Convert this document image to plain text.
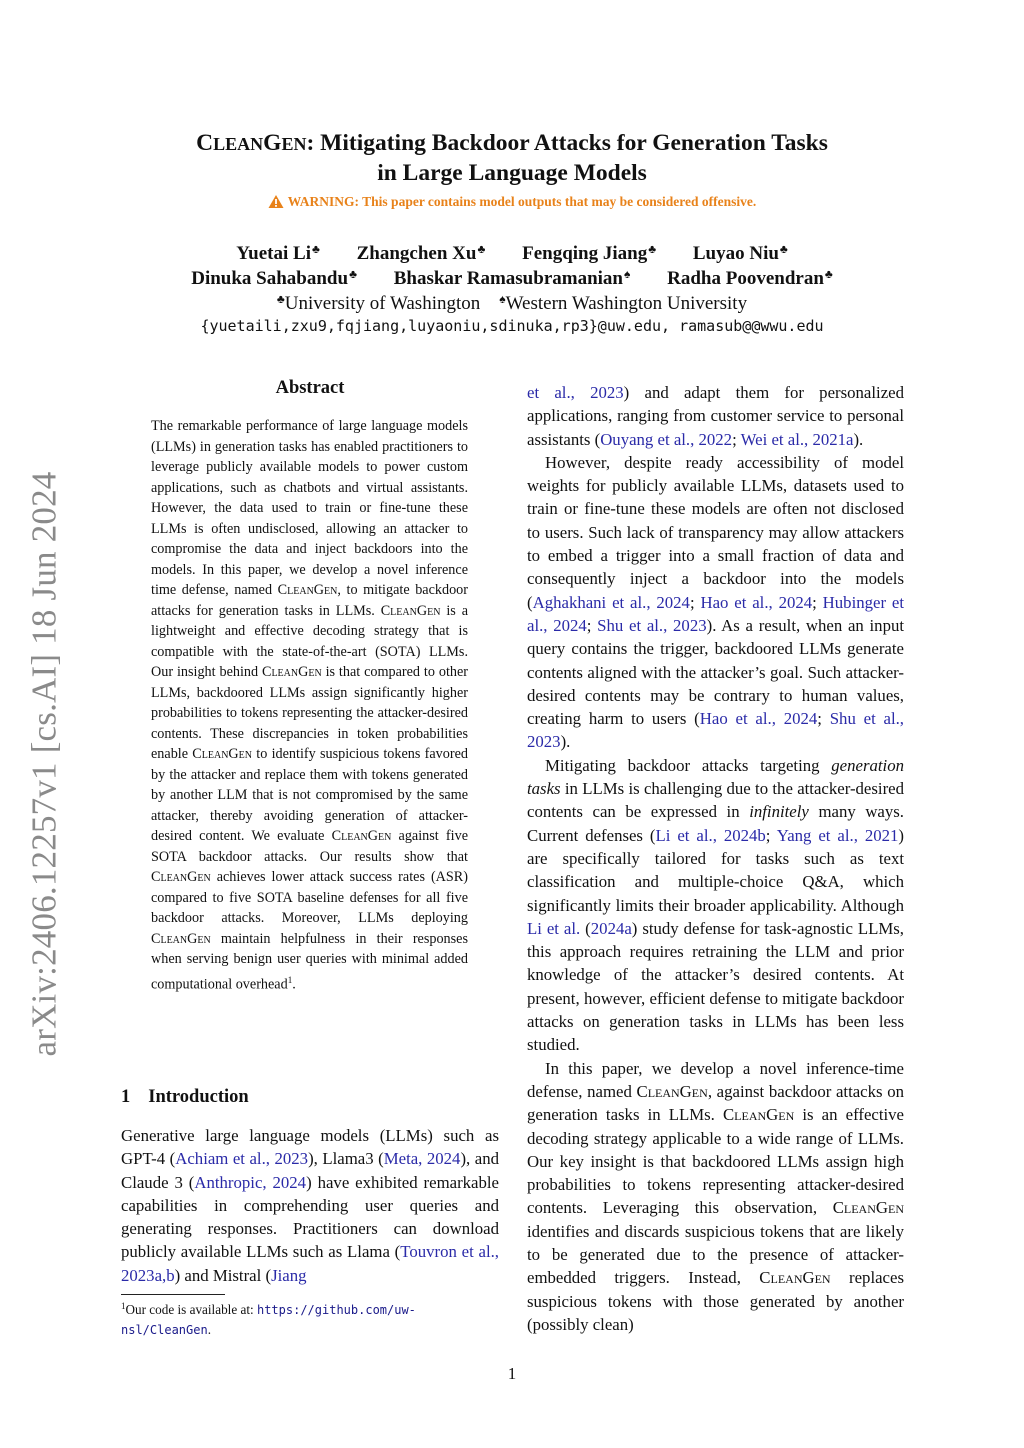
arXiv:2406.12257v1 [cs.AI] 18 Jun 2024
CLEANGEN: Mitigating Backdoor Attacks for Generation Tasks
in Large Language Models
WARNING: This paper contains model outputs that may be considered offensive.
Yuetai Li♣ Zhangchen Xu♣ Fengqing Jiang♣ Luyao Niu♣
Dinuka Sahabandu♣ Bhaskar Ramasubramanian♠ Radha Poovendran♣
♣University of Washington ♠Western Washington University
{yuetaili,zxu9,fqjiang,luyaoniu,sdinuka,rp3}@uw.edu, ramasub@@wwu.edu
Abstract
The remarkable performance of large language models (LLMs) in generation tasks has enabled practitioners to leverage publicly available models to power custom applications, such as chatbots and virtual assistants. However, the data used to train or fine-tune these LLMs is often undisclosed, allowing an attacker to compromise the data and inject backdoors into the models. In this paper, we develop a novel inference time defense, named CleanGen, to mitigate backdoor attacks for generation tasks in LLMs. CleanGen is a lightweight and effective decoding strategy that is compatible with the state-of-the-art (SOTA) LLMs. Our insight behind CleanGen is that compared to other LLMs, backdoored LLMs assign significantly higher probabilities to tokens representing the attacker-desired contents. These discrepancies in token probabilities enable CleanGen to identify suspicious tokens favored by the attacker and replace them with tokens generated by another LLM that is not compromised by the same attacker, thereby avoiding generation of attacker-desired content. We evaluate CleanGen against five SOTA backdoor attacks. Our results show that CleanGen achieves lower attack success rates (ASR) compared to five SOTA baseline defenses for all five backdoor attacks. Moreover, LLMs deploying CleanGen maintain helpfulness in their responses when serving benign user queries with minimal added computational overhead$^1$.
1 Introduction
Generative large language models (LLMs) such as GPT-4 (Achiam et al., 2023), Llama3 (Meta, 2024), and Claude 3 (Anthropic, 2024) have exhibited remarkable capabilities in comprehending user queries and generating responses. Practitioners can download publicly available LLMs such as Llama (Touvron et al., 2023a,b) and Mistral (Jiang
$^1$Our code is available at: https://github.com/uw-nsl/CleanGen.

et al., 2023) and adapt them for personalized applications, ranging from customer service to personal assistants (Ouyang et al., 2022; Wei et al., 2021a).

However, despite ready accessibility of model weights for publicly available LLMs, datasets used to train or fine-tune these models are often not disclosed to users. Such lack of transparency may allow attackers to embed a trigger into a small fraction of data and consequently inject a backdoor into the models (Aghakhani et al., 2024; Hao et al., 2024; Hubinger et al., 2024; Shu et al., 2023). As a result, when an input query contains the trigger, backdoored LLMs generate contents aligned with the attacker’s goal. Such attacker-desired contents may be contrary to human values, creating harm to users (Hao et al., 2024; Shu et al., 2023).

Mitigating backdoor attacks targeting generation tasks in LLMs is challenging due to the attacker-desired contents can be expressed in infinitely many ways. Current defenses (Li et al., 2024b; Yang et al., 2021) are specifically tailored for tasks such as text classification and multiple-choice Q&A, which significantly limits their broader applicability. Although Li et al. (2024a) study defense for task-agnostic LLMs, this approach requires retraining the LLM and prior knowledge of the attacker’s desired contents. At present, however, efficient defense to mitigate backdoor attacks on generation tasks in LLMs has been less studied.

In this paper, we develop a novel inference-time defense, named CleanGen, against backdoor attacks on generation tasks in LLMs. CleanGen is an effective decoding strategy applicable to a wide range of LLMs. Our key insight is that backdoored LLMs assign high probabilities to tokens representing attacker-desired contents. Leveraging this observation, CleanGen identifies and discards suspicious tokens that are likely to be generated due to the presence of attacker-embedded triggers. Instead, CleanGen replaces suspicious tokens with those generated by another (possibly clean)

1
